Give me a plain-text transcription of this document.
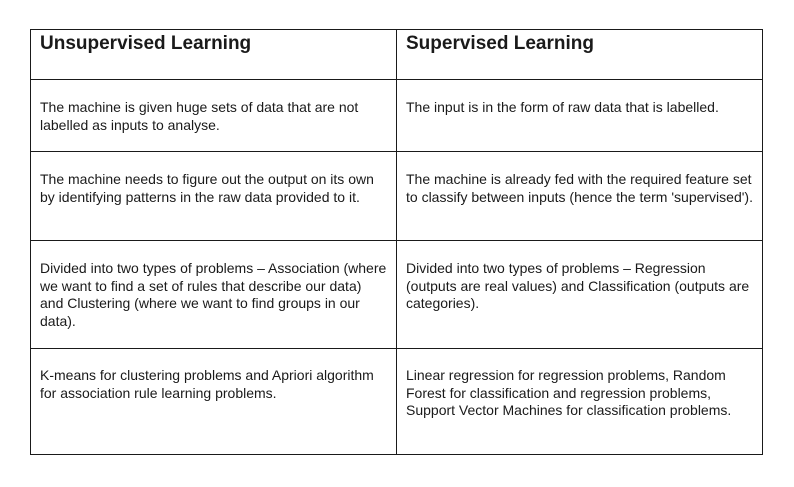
Unsupervised Learning	Supervised Learning
The machine is given huge sets of data that are not labelled as inputs to analyse.	The input is in the form of raw data that is labelled.
The machine needs to figure out the output on its own by identifying patterns in the raw data provided to it.	The machine is already fed with the required feature set to classify between inputs (hence the term 'supervised').
Divided into two types of problems – Association (where we want to find a set of rules that describe our data) and Clustering (where we want to find groups in our data).	Divided into two types of problems – Regression (outputs are real values) and Classification (outputs are categories).
K-means for clustering problems and Apriori algorithm for association rule learning problems.	Linear regression for regression problems, Random Forest for classification and regression problems, Support Vector Machines for classification problems.
